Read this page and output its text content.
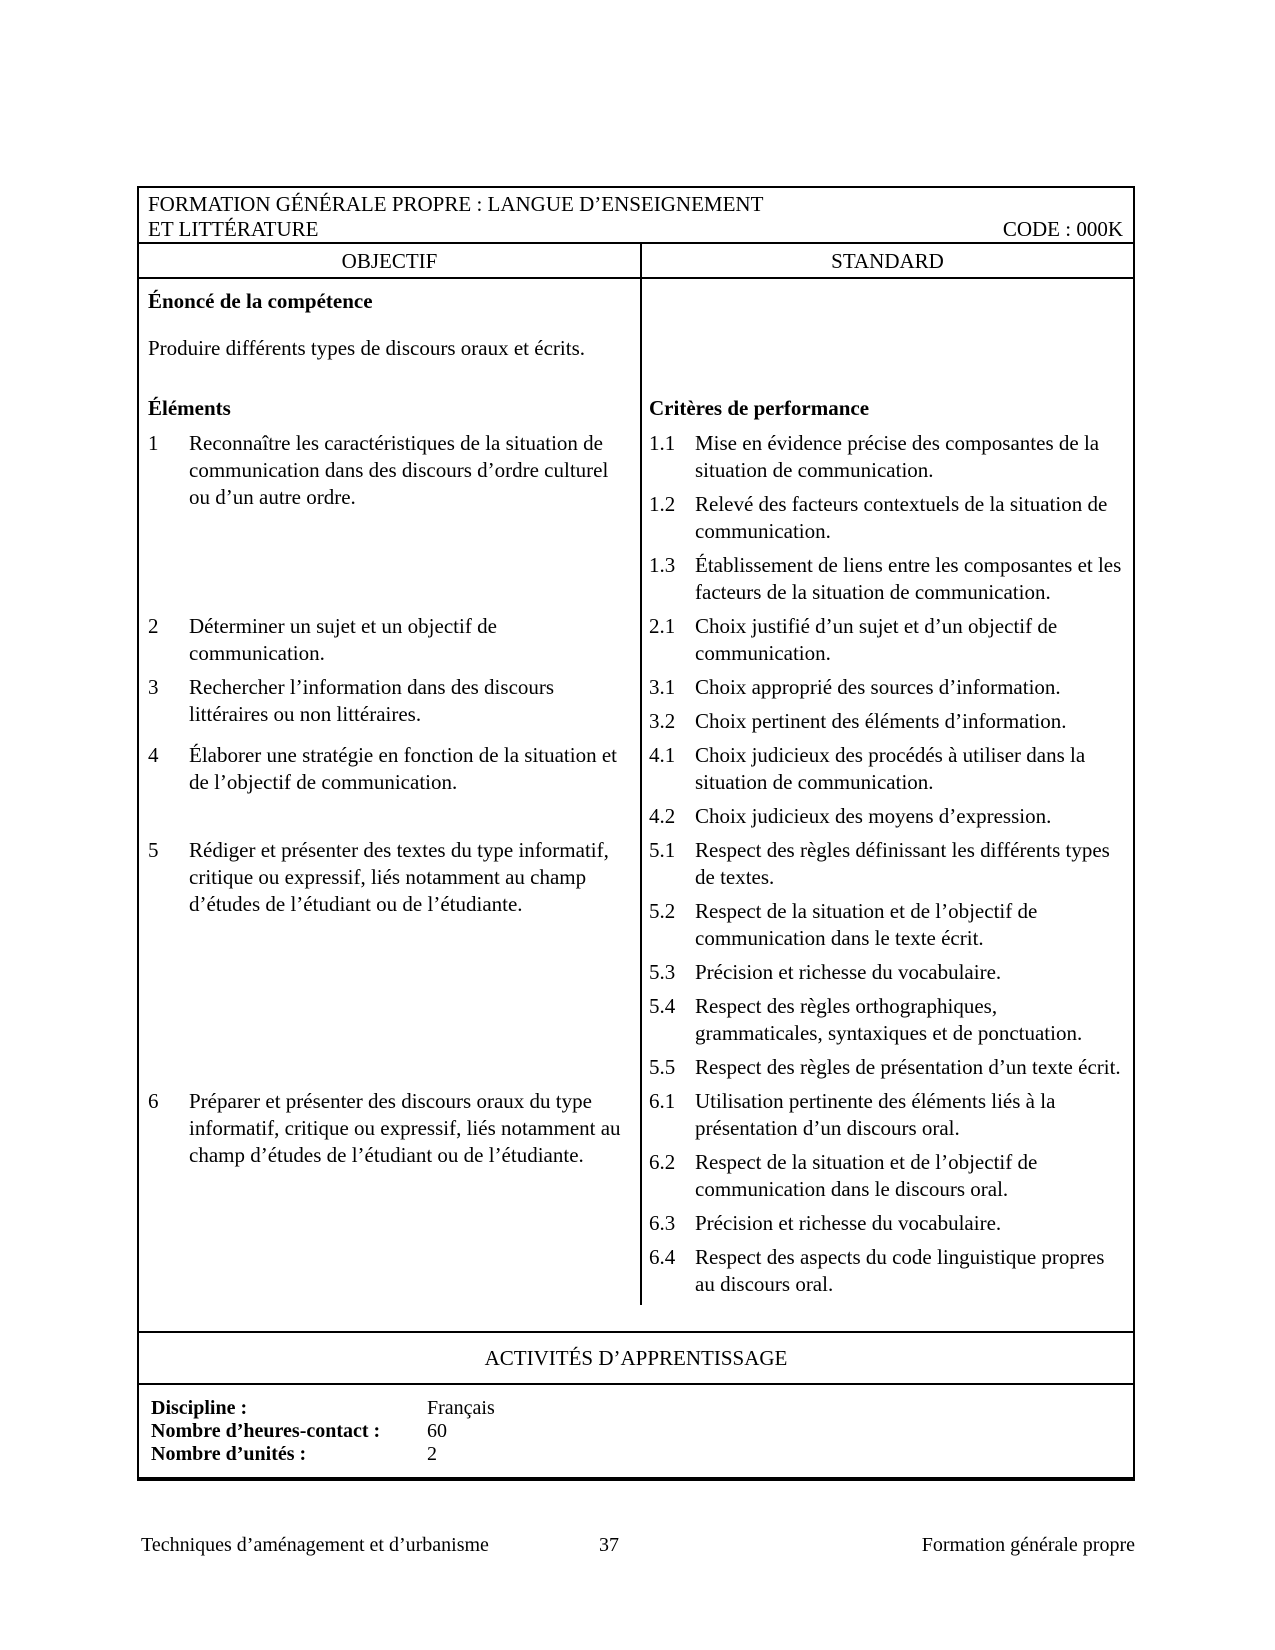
FORMATION GÉNÉRALE PROPRE : LANGUE D’ENSEIGNEMENT
ET LITTÉRATURE	CODE : 000K
OBJECTIF	STANDARD

Énoncé de la compétence

Produire différents types de discours oraux et écrits.

Éléments	Critères de performance

1	Reconnaître les caractéristiques de la situation de communication dans des discours d’ordre culturel ou d’un autre ordre.
1.1 Mise en évidence précise des composantes de la situation de communication.
1.2 Relevé des facteurs contextuels de la situation de communication.
1.3 Établissement de liens entre les composantes et les facteurs de la situation de communication.
2	Déterminer un sujet et un objectif de communication.
2.1 Choix justifié d’un sujet et d’un objectif de communication.
3	Rechercher l’information dans des discours littéraires ou non littéraires.
3.1 Choix approprié des sources d’information.
3.2 Choix pertinent des éléments d’information.
4	Élaborer une stratégie en fonction de la situation et de l’objectif de communication.
4.1 Choix judicieux des procédés à utiliser dans la situation de communication.
4.2 Choix judicieux des moyens d’expression.
5	Rédiger et présenter des textes du type informatif, critique ou expressif, liés notamment au champ d’études de l’étudiant ou de l’étudiante.
5.1 Respect des règles définissant les différents types de textes.
5.2 Respect de la situation et de l’objectif de communication dans le texte écrit.
5.3 Précision et richesse du vocabulaire.
5.4 Respect des règles orthographiques, grammaticales, syntaxiques et de ponctuation.
5.5 Respect des règles de présentation d’un texte écrit.
6	Préparer et présenter des discours oraux du type informatif, critique ou expressif, liés notamment au champ d’études de l’étudiant ou de l’étudiante.
6.1 Utilisation pertinente des éléments liés à la présentation d’un discours oral.
6.2 Respect de la situation et de l’objectif de communication dans le discours oral.
6.3 Précision et richesse du vocabulaire.
6.4 Respect des aspects du code linguistique propres au discours oral.
ACTIVITÉS D’APPRENTISSAGE
Discipline :	Français
Nombre d’heures-contact :	60
Nombre d’unités :	2
Techniques d’aménagement et d’urbanisme	37	Formation générale propre
